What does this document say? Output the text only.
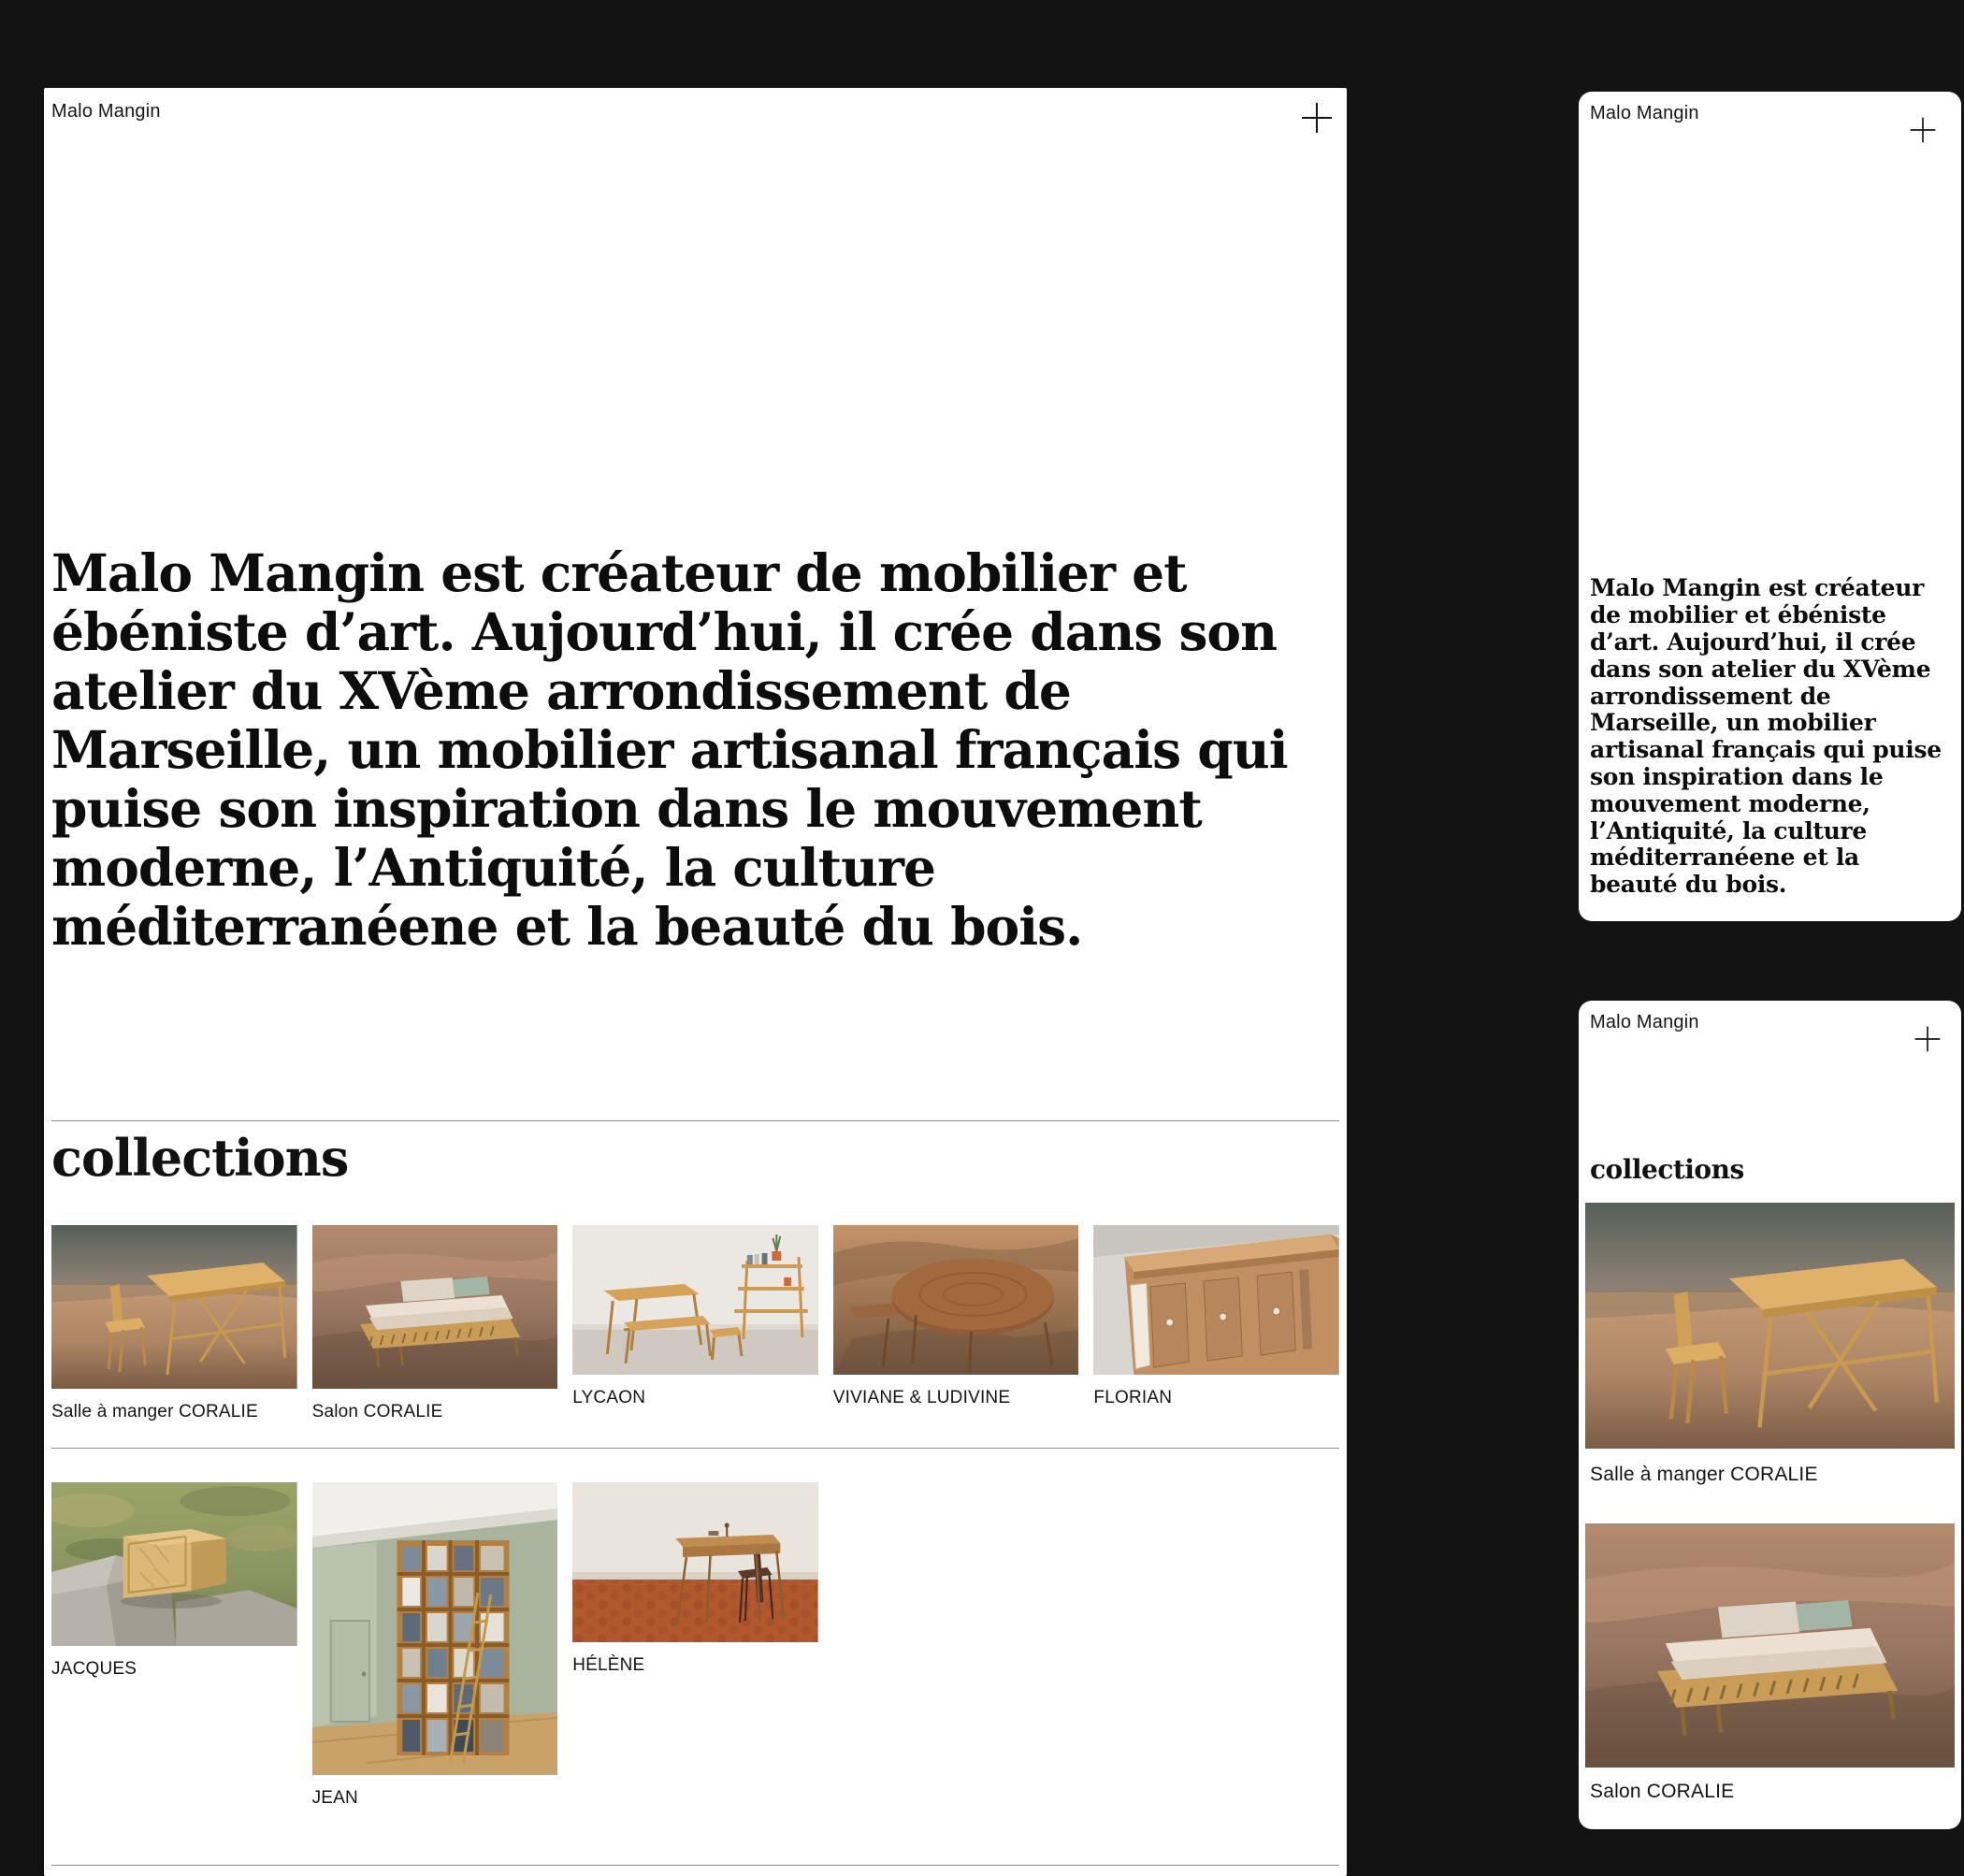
Malo Mangin

Malo Mangin est créateur de mobilier et ébéniste d’art. Aujourd’hui, il crée dans son atelier du XVème arrondissement de Marseille, un mobilier artisanal français qui puise son inspiration dans le mouvement moderne, l’Antiquité, la culture méditerranéene et la beauté du bois.

collections
Salle à manger CORALIE	Salon CORALIE
LYCAON	VIVIANE & LUDIVINE	FLORIAN
JACQUES
JEAN
HÉLÈNE
Malo Mangin

Malo Mangin est créateur de mobilier et ébéniste d’art. Aujourd’hui, il crée dans son atelier du XVème arrondissement de Marseille, un mobilier artisanal français qui puise son inspiration dans le mouvement moderne, l’Antiquité, la culture méditerranéene et la beauté du bois.

Malo Mangin
collections
Salle à manger CORALIE
Salon CORALIE
